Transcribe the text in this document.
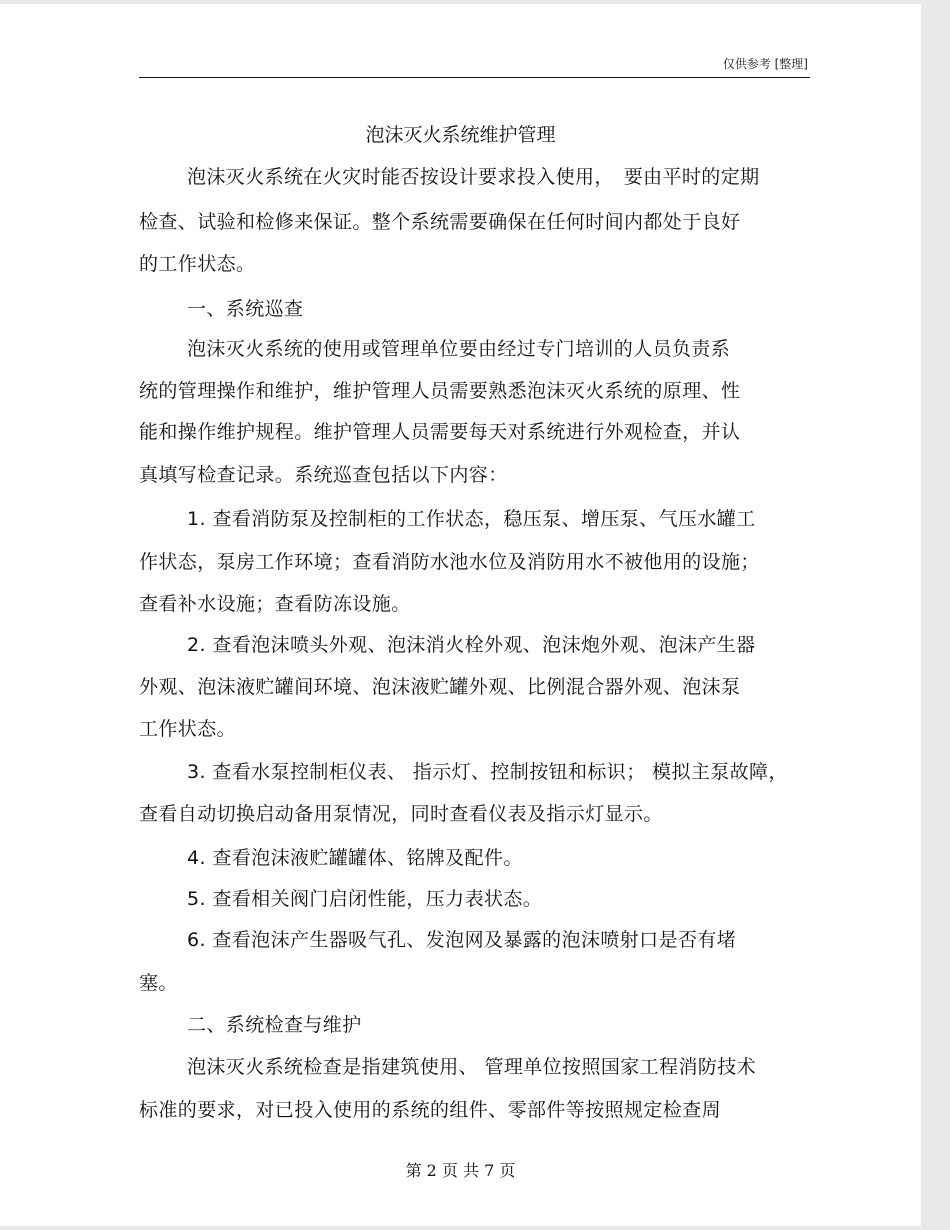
仅供参考 [整理]
泡沫灭火系统维护管理
泡沫灭火系统在火灾时能否按设计要求投入使用，　要由平时的定期
检查、试验和检修来保证。整个系统需要确保在任何时间内都处于良好
的工作状态。
一、系统巡查
泡沫灭火系统的使用或管理单位要由经过专门培训的人员负责系
统的管理操作和维护，维护管理人员需要熟悉泡沫灭火系统的原理、性
能和操作维护规程。维护管理人员需要每天对系统进行外观检查，并认
真填写检查记录。系统巡查包括以下内容：
1. 查看消防泵及控制柜的工作状态，稳压泵、增压泵、气压水罐工
作状态，泵房工作环境；查看消防水池水位及消防用水不被他用的设施；
查看补水设施；查看防冻设施。
2. 查看泡沫喷头外观、泡沫消火栓外观、泡沫炮外观、泡沫产生器
外观、泡沫液贮罐间环境、泡沫液贮罐外观、比例混合器外观、泡沫泵
工作状态。
3. 查看水泵控制柜仪表、 指示灯、控制按钮和标识； 模拟主泵故障，
查看自动切换启动备用泵情况，同时查看仪表及指示灯显示。
4. 查看泡沫液贮罐罐体、铭牌及配件。
5. 查看相关阀门启闭性能，压力表状态。
6. 查看泡沫产生器吸气孔、发泡网及暴露的泡沫喷射口是否有堵
塞。
二、系统检查与维护
泡沫灭火系统检查是指建筑使用、 管理单位按照国家工程消防技术
标准的要求，对已投入使用的系统的组件、零部件等按照规定检查周
第 2 页 共 7 页
